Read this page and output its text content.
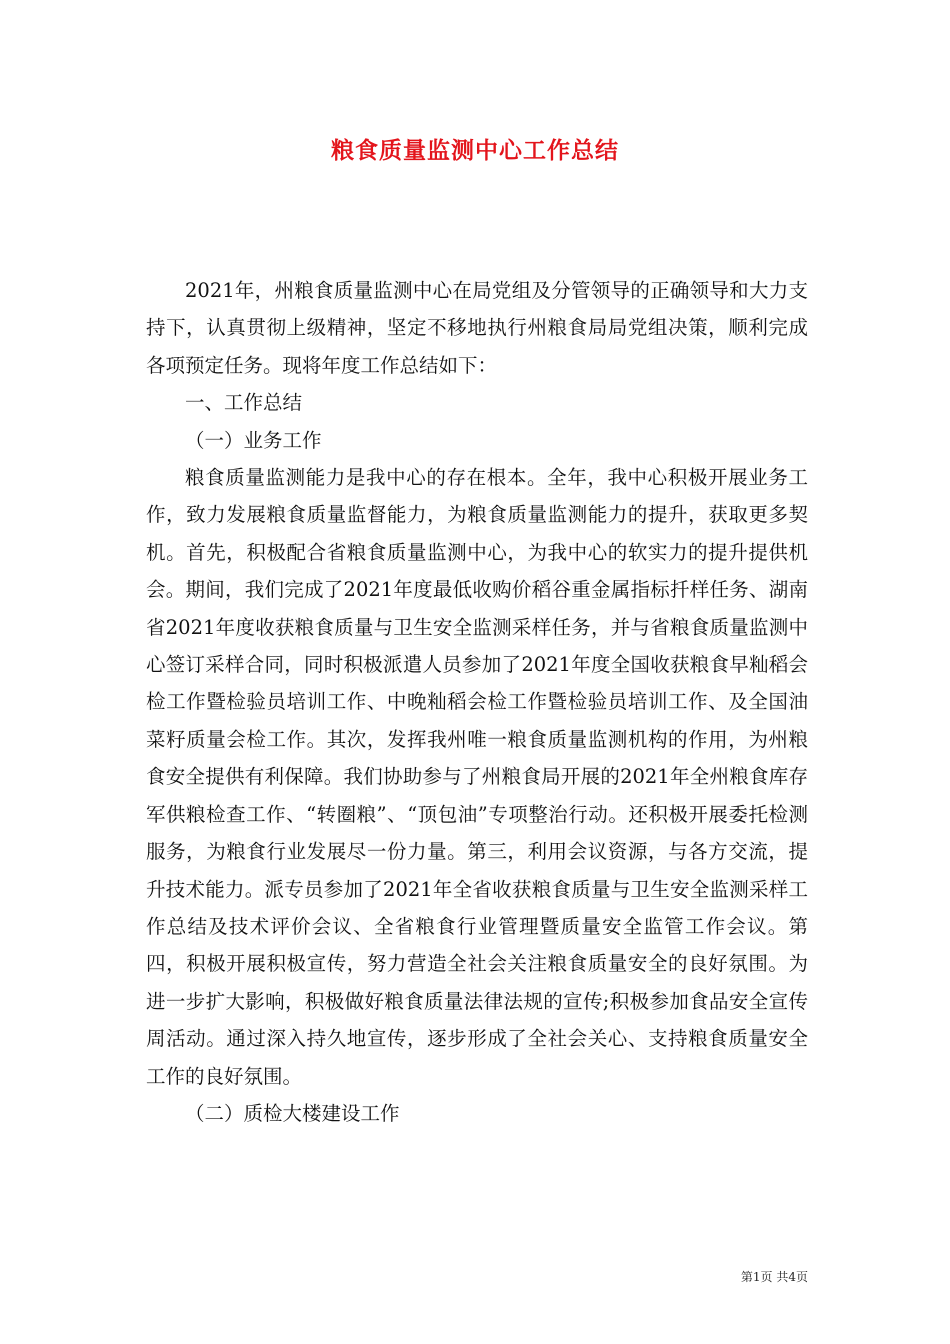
粮食质量监测中心工作总结

2021年，州粮食质量监测中心在局党组及分管领导的正确领导和大力支持下，认真贯彻上级精神，坚定不移地执行州粮食局局党组决策，顺利完成各项预定任务。现将年度工作总结如下：

一、工作总结

（一）业务工作

粮食质量监测能力是我中心的存在根本。全年，我中心积极开展业务工作，致力发展粮食质量监督能力，为粮食质量监测能力的提升，获取更多契机。首先，积极配合省粮食质量监测中心，为我中心的软实力的提升提供机会。期间，我们完成了2021年度最低收购价稻谷重金属指标扦样任务、湖南省2021年度收获粮食质量与卫生安全监测采样任务，并与省粮食质量监测中心签订采样合同，同时积极派遣人员参加了2021年度全国收获粮食早籼稻会检工作暨检验员培训工作、中晚籼稻会检工作暨检验员培训工作、及全国油菜籽质量会检工作。其次，发挥我州唯一粮食质量监测机构的作用，为州粮食安全提供有利保障。我们协助参与了州粮食局开展的2021年全州粮食库存军供粮检查工作、“转圈粮”、“顶包油”专项整治行动。还积极开展委托检测服务，为粮食行业发展尽一份力量。第三，利用会议资源，与各方交流，提升技术能力。派专员参加了2021年全省收获粮食质量与卫生安全监测采样工作总结及技术评价会议、全省粮食行业管理暨质量安全监管工作会议。第四，积极开展积极宣传，努力营造全社会关注粮食质量安全的良好氛围。为进一步扩大影响，积极做好粮食质量法律法规的宣传;积极参加食品安全宣传周活动。通过深入持久地宣传，逐步形成了全社会关心、支持粮食质量安全工作的良好氛围。

（二）质检大楼建设工作

第1页 共4页
